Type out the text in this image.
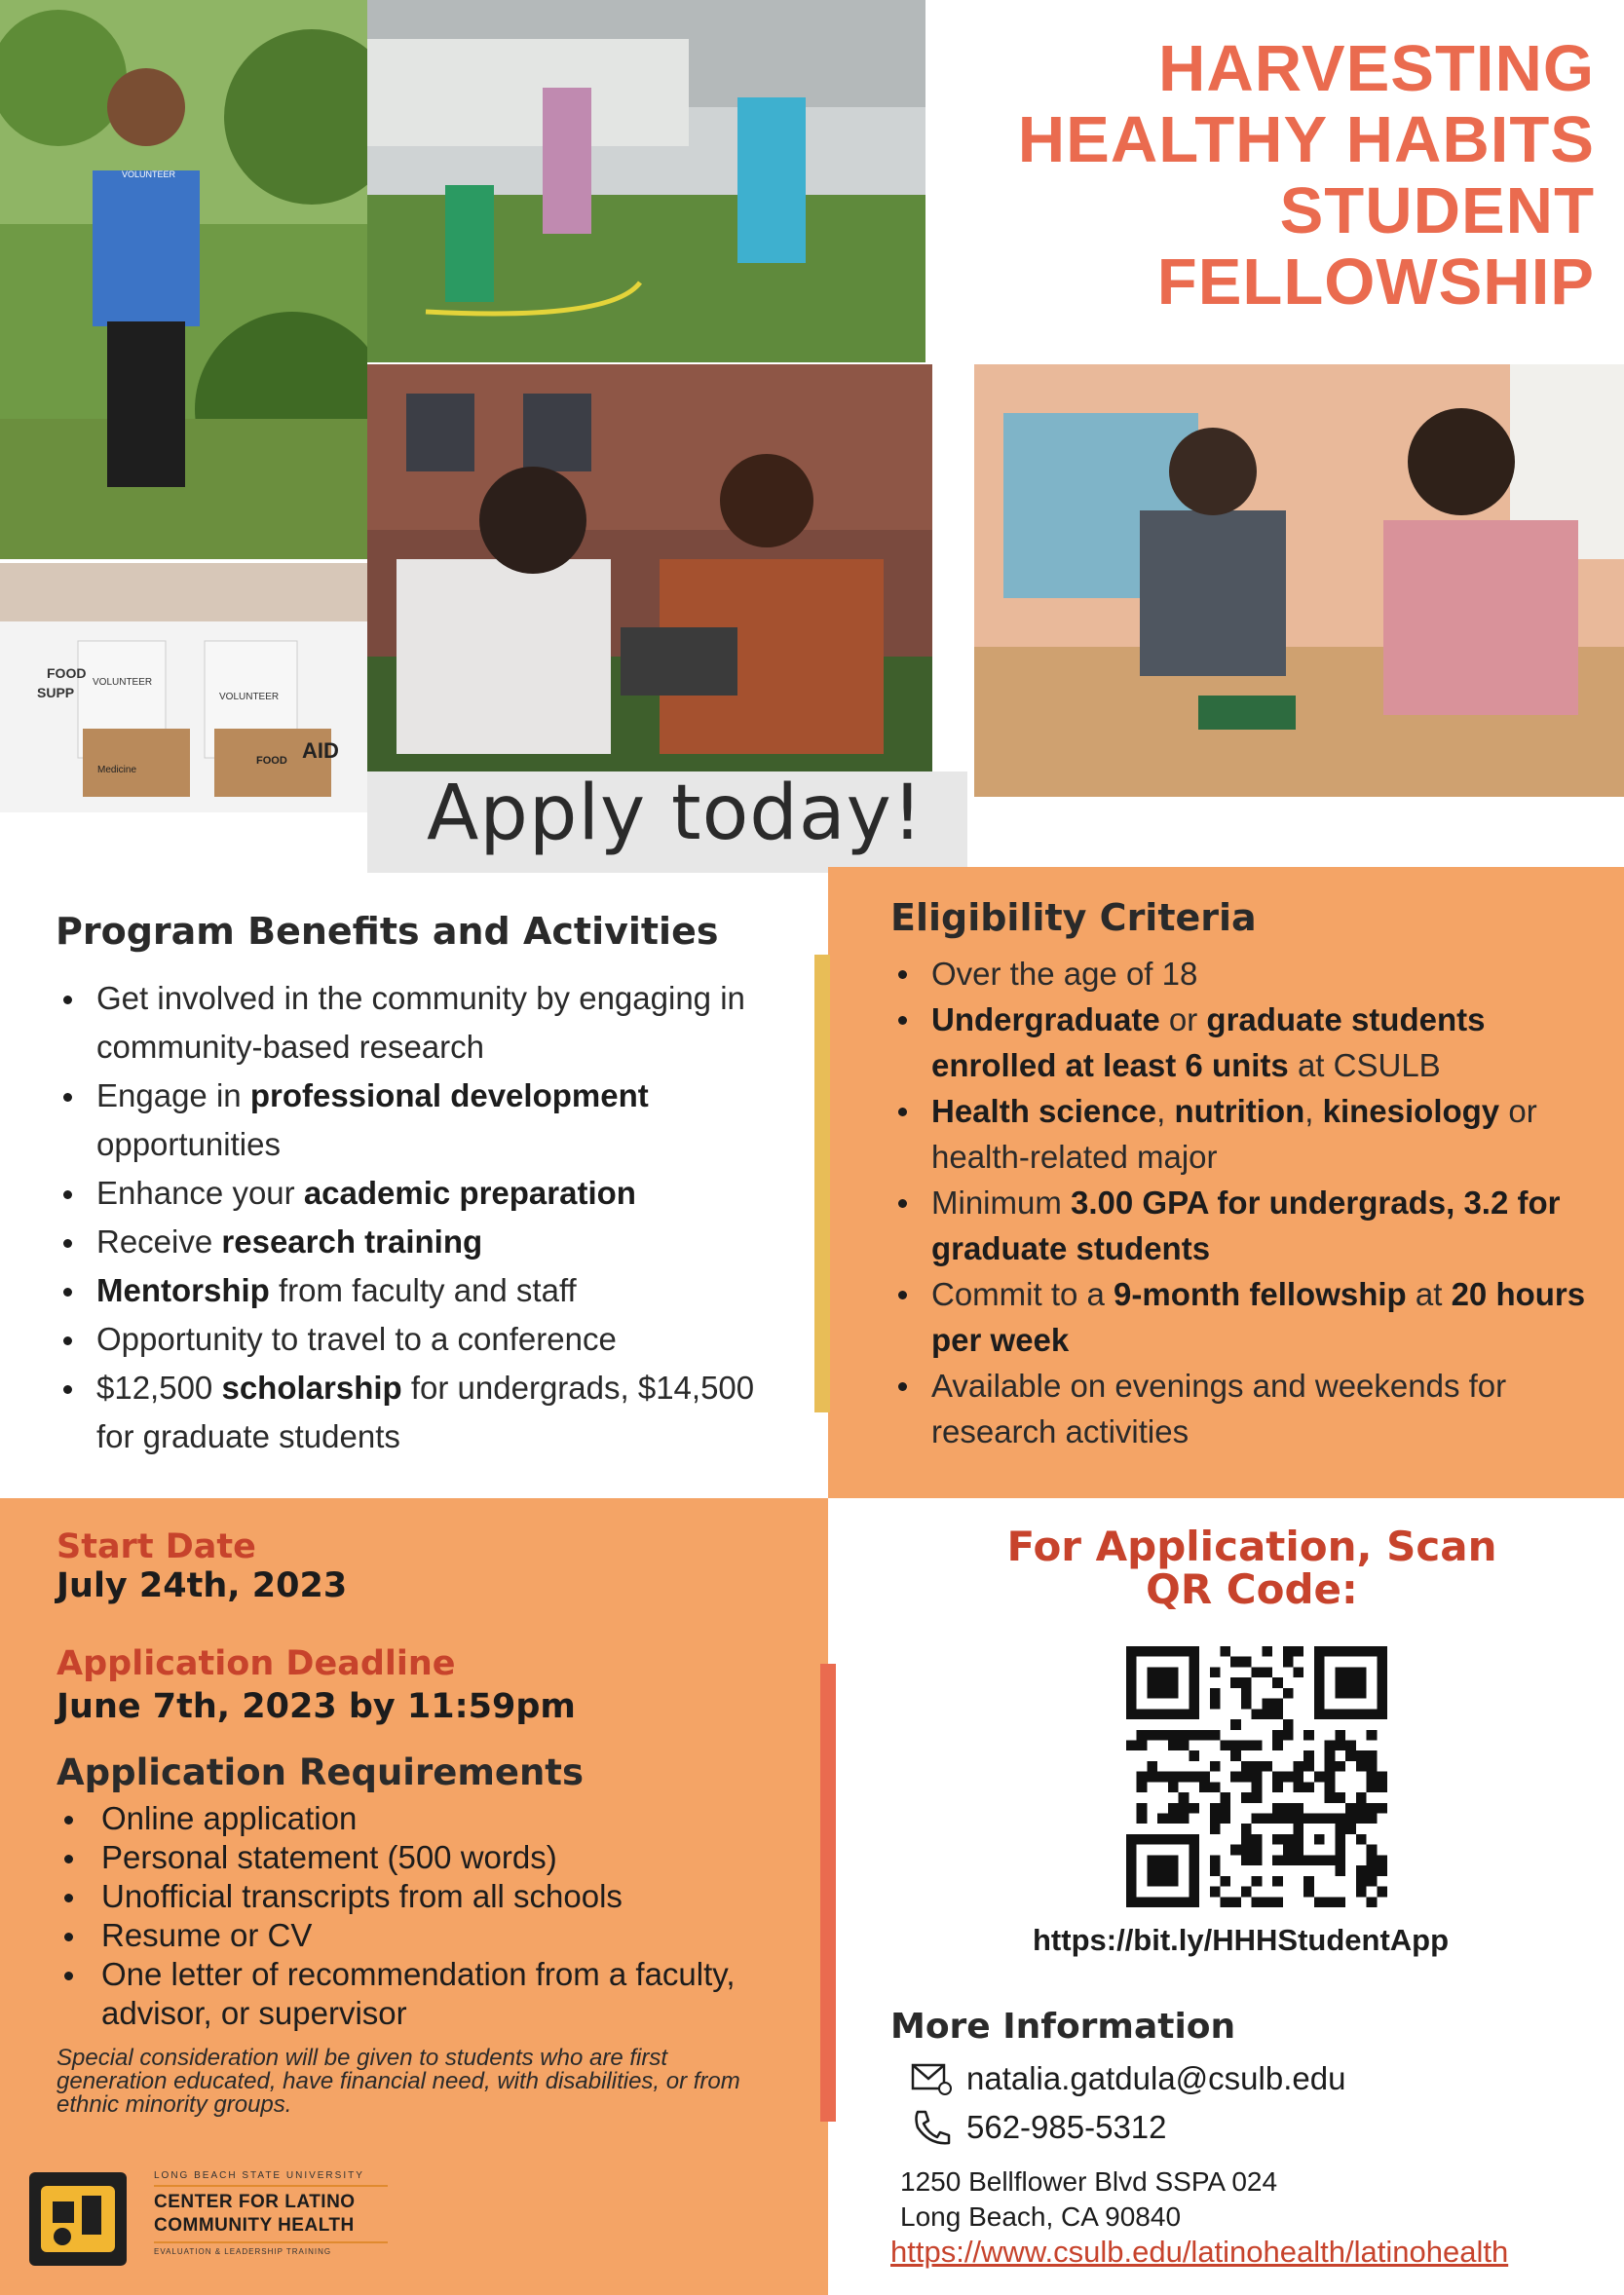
VOLUNTEER
FOOD
SUPP
VOLUNTEER
VOLUNTEER
AID
Medicine
FOOD
HARVESTING
HEALTHY HABITS
STUDENT
FELLOWSHIP
Apply today!
Program Benefits and Activities
Get involved in the community by engaging in community-based research
Engage in professional development opportunities
Enhance your academic preparation
Receive research training
Mentorship from faculty and staff
Opportunity to travel to a conference
$12,500 scholarship for undergrads, $14,500 for graduate students
Eligibility Criteria
Over the age of 18
Undergraduate or graduate students enrolled at least 6 units at CSULB
Health science, nutrition, kinesiology or health-related major
Minimum 3.00 GPA for undergrads, 3.2 for graduate students
Commit to a 9-month fellowship at 20 hours per week
Available on evenings and weekends for research activities
Start Date
July 24th, 2023
Application Deadline
June 7th, 2023 by 11:59pm
Application Requirements
Online application
Personal statement (500 words)
Unofficial transcripts from all schools
Resume or CV
One letter of recommendation from a faculty, advisor, or supervisor

Special consideration will be given to students who are first generation educated, have financial need, with disabilities, or from ethnic minority groups.

LONG BEACH STATE UNIVERSITY
CENTER FOR LATINO
COMMUNITY HEALTH
EVALUATION & LEADERSHIP TRAINING
For Application, Scan
QR Code:
https://bit.ly/HHHStudentApp
More Information
natalia.gatdula@csulb.edu
562-985-5312
1250 Bellflower Blvd SSPA 024
Long Beach, CA 90840
https://www.csulb.edu/latinohealth/latinohealth
